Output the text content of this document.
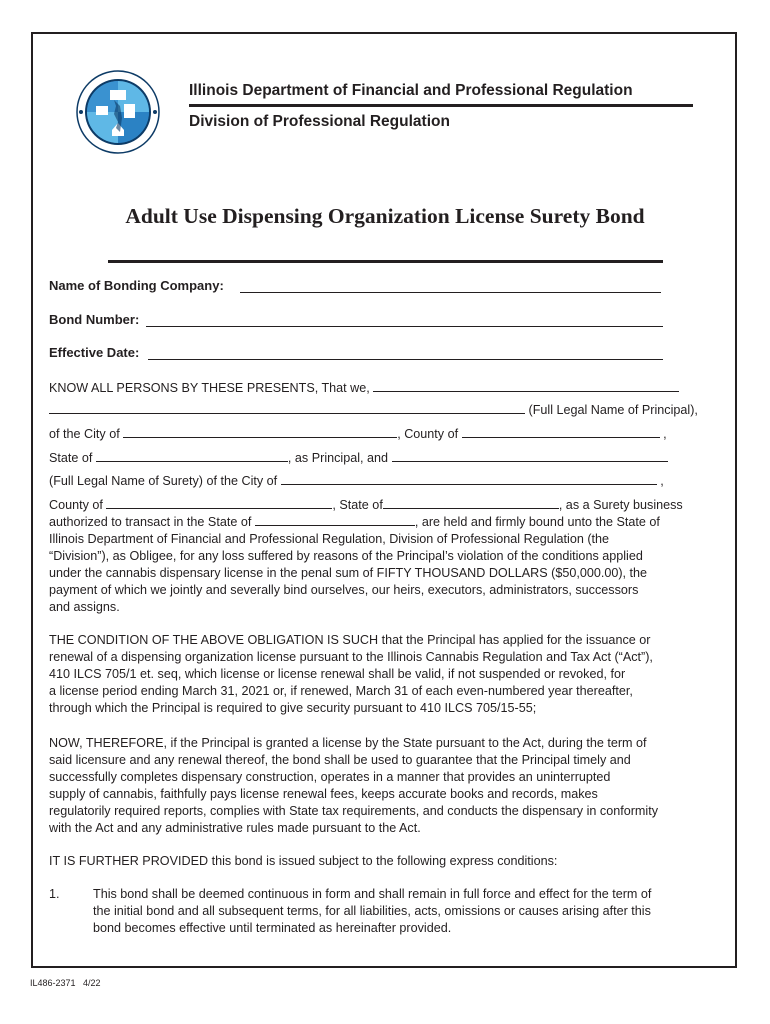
Illinois Department of Financial and Professional Regulation
Division of Professional Regulation
Adult Use Dispensing Organization License Surety Bond
Name of Bonding Company:
Bond Number:
Effective Date:
KNOW ALL PERSONS BY THESE PRESENTS, That we,
(Full Legal Name of Principal),
of the City of	, County of	,
State of	, as Principal, and
(Full Legal Name of Surety) of the City of	,
County of	, State of	, as a Surety business
authorized to transact in the State of	, are held and firmly bound unto the State of
Illinois Department of Financial and Professional Regulation, Division of Professional Regulation (the
“Division”), as Obligee, for any loss suffered by reasons of the Principal’s violation of the conditions applied
under the cannabis dispensary license in the penal sum of FIFTY THOUSAND DOLLARS ($50,000.00), the
payment of which we jointly and severally bind ourselves, our heirs, executors, administrators, successors
and assigns.
THE CONDITION OF THE ABOVE OBLIGATION IS SUCH that the Principal has applied for the issuance or
renewal of a dispensing organization license pursuant to the Illinois Cannabis Regulation and Tax Act (“Act”),
410 ILCS 705/1 et. seq, which license or license renewal shall be valid, if not suspended or revoked, for
a license period ending March 31, 2021 or, if renewed, March 31 of each even-numbered year thereafter,
through which the Principal is required to give security pursuant to 410 ILCS 705/15-55;
NOW, THEREFORE, if the Principal is granted a license by the State pursuant to the Act, during the term of
said licensure and any renewal thereof, the bond shall be used to guarantee that the Principal timely and
successfully completes dispensary construction, operates in a manner that provides an uninterrupted
supply of cannabis, faithfully pays license renewal fees, keeps accurate books and records, makes
regulatorily required reports, complies with State tax requirements, and conducts the dispensary in conformity
with the Act and any administrative rules made pursuant to the Act.
IT IS FURTHER PROVIDED this bond is issued subject to the following express conditions:
1.	This bond shall be deemed continuous in form and shall remain in full force and effect for the term of
the initial bond and all subsequent terms, for all liabilities, acts, omissions or causes arising after this
bond becomes effective until terminated as hereinafter provided.
IL486-2371   4/22
